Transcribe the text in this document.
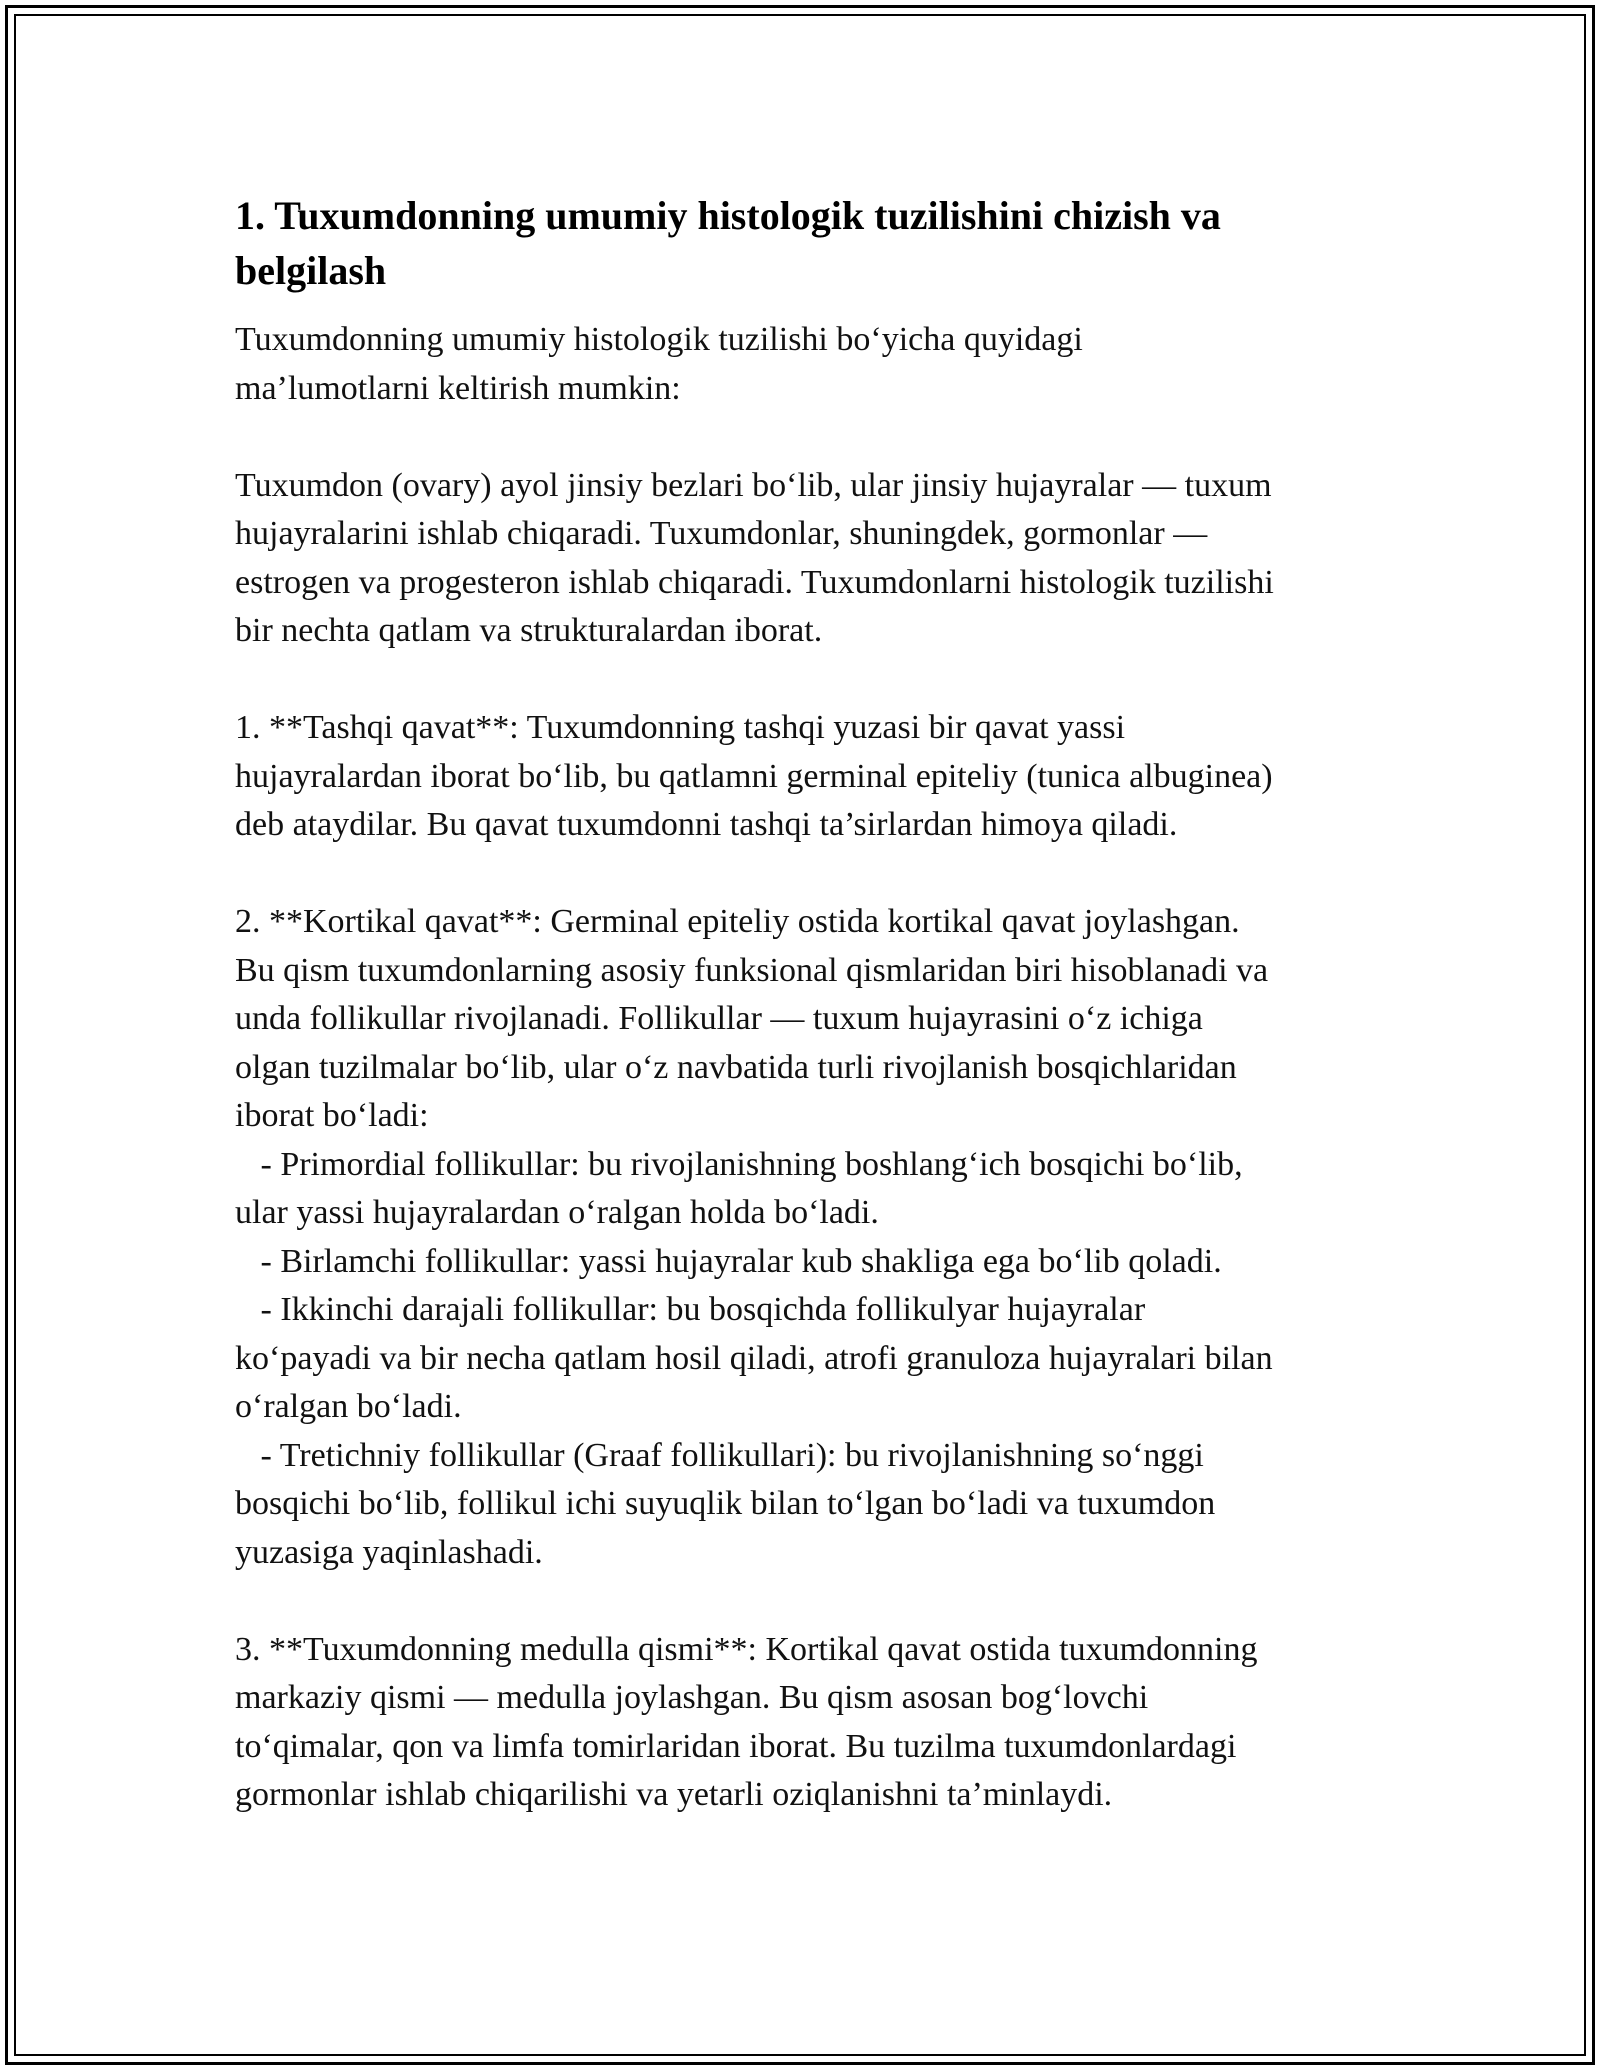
1. Tuxumdonning umumiy histologik tuzilishini chizish va
belgilash

Tuxumdonning umumiy histologik tuzilishi bo‘yicha quyidagi
ma’lumotlarni keltirish mumkin:

Tuxumdon (ovary) ayol jinsiy bezlari bo‘lib, ular jinsiy hujayralar — tuxum
hujayralarini ishlab chiqaradi. Tuxumdonlar, shuningdek, gormonlar —
estrogen va progesteron ishlab chiqaradi. Tuxumdonlarni histologik tuzilishi
bir nechta qatlam va strukturalardan iborat.

1. **Tashqi qavat**: Tuxumdonning tashqi yuzasi bir qavat yassi
hujayralardan iborat bo‘lib, bu qatlamni germinal epiteliy (tunica albuginea)
deb ataydilar. Bu qavat tuxumdonni tashqi ta’sirlardan himoya qiladi.

2. **Kortikal qavat**: Germinal epiteliy ostida kortikal qavat joylashgan.
Bu qism tuxumdonlarning asosiy funksional qismlaridan biri hisoblanadi va
unda follikullar rivojlanadi. Follikullar — tuxum hujayrasini o‘z ichiga
olgan tuzilmalar bo‘lib, ular o‘z navbatida turli rivojlanish bosqichlaridan
iborat bo‘ladi:
- Primordial follikullar: bu rivojlanishning boshlang‘ich bosqichi bo‘lib,
ular yassi hujayralardan o‘ralgan holda bo‘ladi.
- Birlamchi follikullar: yassi hujayralar kub shakliga ega bo‘lib qoladi.
- Ikkinchi darajali follikullar: bu bosqichda follikulyar hujayralar
ko‘payadi va bir necha qatlam hosil qiladi, atrofi granuloza hujayralari bilan
o‘ralgan bo‘ladi.
- Tretichniy follikullar (Graaf follikullari): bu rivojlanishning so‘nggi
bosqichi bo‘lib, follikul ichi suyuqlik bilan to‘lgan bo‘ladi va tuxumdon
yuzasiga yaqinlashadi.

3. **Tuxumdonning medulla qismi**: Kortikal qavat ostida tuxumdonning
markaziy qismi — medulla joylashgan. Bu qism asosan bog‘lovchi
to‘qimalar, qon va limfa tomirlaridan iborat. Bu tuzilma tuxumdonlardagi
gormonlar ishlab chiqarilishi va yetarli oziqlanishni ta’minlaydi.
